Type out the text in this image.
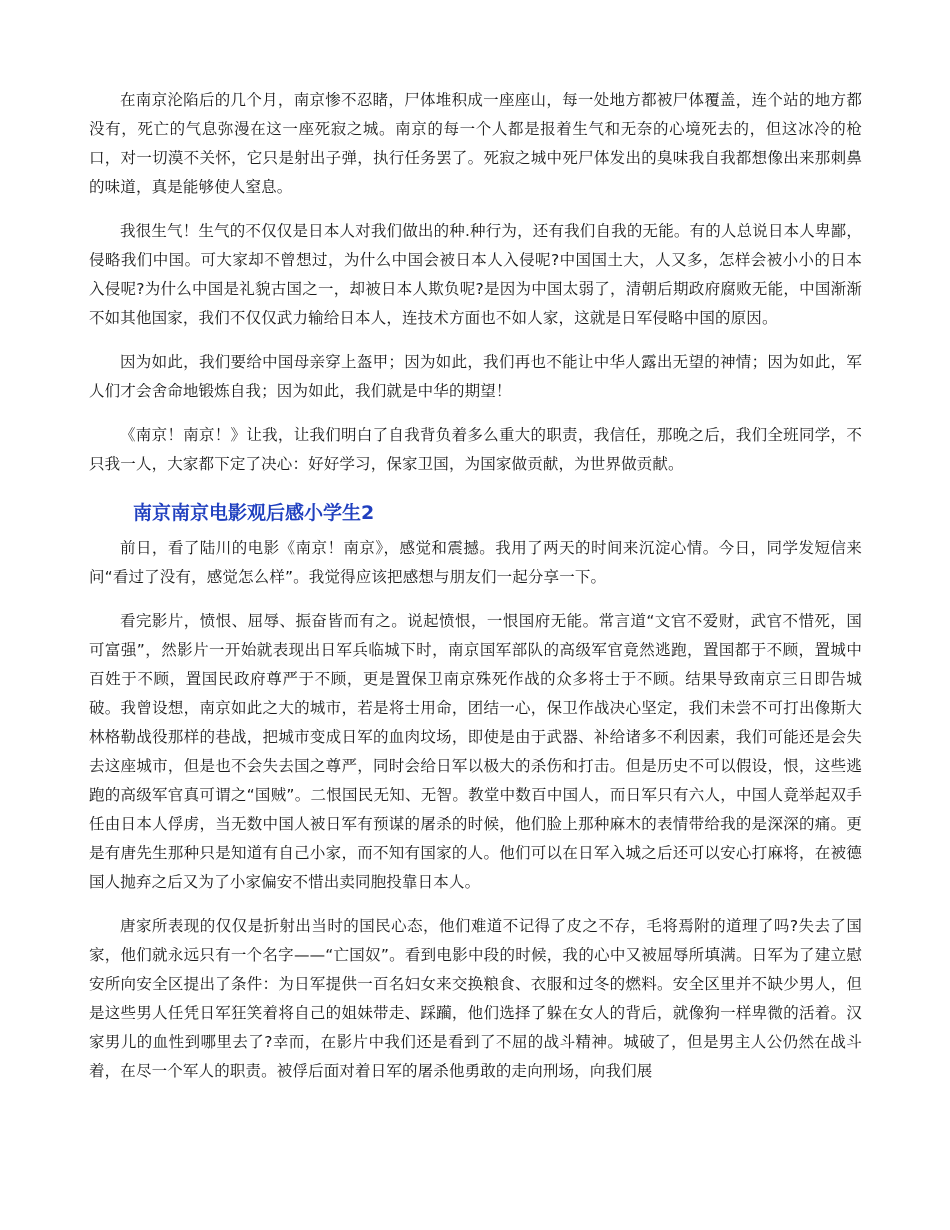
在南京沦陷后的几个月，南京惨不忍睹，尸体堆积成一座座山，每一处地方都被尸体覆盖，连个站的地方都没有，死亡的气息弥漫在这一座死寂之城。南京的每一个人都是报着生气和无奈的心境死去的，但这冰冷的枪口，对一切漠不关怀，它只是射出子弹，执行任务罢了。死寂之城中死尸体发出的臭味我自我都想像出来那刺鼻的味道，真是能够使人窒息。

我很生气！生气的不仅仅是日本人对我们做出的种.种行为，还有我们自我的无能。有的人总说日本人卑鄙，侵略我们中国。可大家却不曾想过，为什么中国会被日本人入侵呢?中国国土大，人又多，怎样会被小小的日本入侵呢?为什么中国是礼貌古国之一，却被日本人欺负呢?是因为中国太弱了，清朝后期政府腐败无能，中国渐渐不如其他国家，我们不仅仅武力输给日本人，连技术方面也不如人家，这就是日军侵略中国的原因。

因为如此，我们要给中国母亲穿上盔甲；因为如此，我们再也不能让中华人露出无望的神情；因为如此，军人们才会舍命地锻炼自我；因为如此，我们就是中华的期望！

《南京！南京！》让我，让我们明白了自我背负着多么重大的职责，我信任，那晚之后，我们全班同学，不只我一人，大家都下定了决心：好好学习，保家卫国，为国家做贡献，为世界做贡献。

南京南京电影观后感小学生2

前日，看了陆川的电影《南京！南京》，感觉和震撼。我用了两天的时间来沉淀心情。今日，同学发短信来问“看过了没有，感觉怎么样”。我觉得应该把感想与朋友们一起分享一下。

看完影片，愤恨、屈辱、振奋皆而有之。说起愤恨，一恨国府无能。常言道“文官不爱财，武官不惜死，国可富强”，然影片一开始就表现出日军兵临城下时，南京国军部队的高级军官竟然逃跑，置国都于不顾，置城中百姓于不顾，置国民政府尊严于不顾，更是置保卫南京殊死作战的众多将士于不顾。结果导致南京三日即告城破。我曾设想，南京如此之大的城市，若是将士用命，团结一心，保卫作战决心坚定，我们未尝不可打出像斯大林格勒战役那样的巷战，把城市变成日军的血肉坟场，即使是由于武器、补给诸多不利因素，我们可能还是会失去这座城市，但是也不会失去国之尊严，同时会给日军以极大的杀伤和打击。但是历史不可以假设，恨，这些逃跑的高级军官真可谓之“国贼”。二恨国民无知、无智。教堂中数百中国人，而日军只有六人，中国人竟举起双手任由日本人俘虏，当无数中国人被日军有预谋的屠杀的时候，他们脸上那种麻木的表情带给我的是深深的痛。更是有唐先生那种只是知道有自己小家，而不知有国家的人。他们可以在日军入城之后还可以安心打麻将，在被德国人抛弃之后又为了小家偏安不惜出卖同胞投靠日本人。

唐家所表现的仅仅是折射出当时的国民心态，他们难道不记得了皮之不存，毛将焉附的道理了吗?失去了国家，他们就永远只有一个名字——“亡国奴”。看到电影中段的时候，我的心中又被屈辱所填满。日军为了建立慰安所向安全区提出了条件：为日军提供一百名妇女来交换粮食、衣服和过冬的燃料。安全区里并不缺少男人，但是这些男人任凭日军狂笑着将自己的姐妹带走、踩躏，他们选择了躲在女人的背后，就像狗一样卑微的活着。汉家男儿的血性到哪里去了?幸而，在影片中我们还是看到了不屈的战斗精神。城破了，但是男主人公仍然在战斗着，在尽一个军人的职责。被俘后面对着日军的屠杀他勇敢的走向刑场，向我们展
